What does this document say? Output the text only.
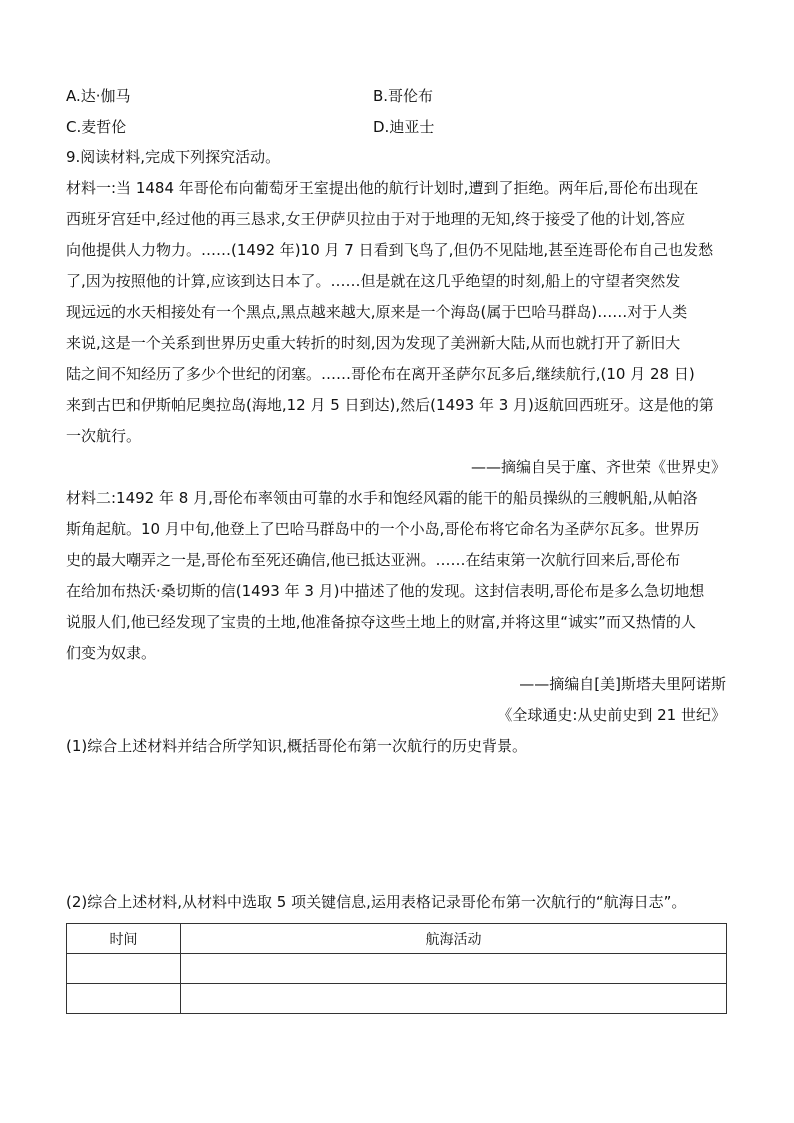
A.达·伽马	B.哥伦布
C.麦哲伦	D.迪亚士
9.阅读材料,完成下列探究活动。
材料一:当 1484 年哥伦布向葡萄牙王室提出他的航行计划时,遭到了拒绝。两年后,哥伦布出现在
西班牙宫廷中,经过他的再三恳求,女王伊萨贝拉由于对于地理的无知,终于接受了他的计划,答应
向他提供人力物力。……(1492 年)10 月 7 日看到飞鸟了,但仍不见陆地,甚至连哥伦布自己也发愁
了,因为按照他的计算,应该到达日本了。……但是就在这几乎绝望的时刻,船上的守望者突然发
现远远的水天相接处有一个黑点,黑点越来越大,原来是一个海岛(属于巴哈马群岛)……对于人类
来说,这是一个关系到世界历史重大转折的时刻,因为发现了美洲新大陆,从而也就打开了新旧大
陆之间不知经历了多少个世纪的闭塞。……哥伦布在离开圣萨尔瓦多后,继续航行,(10 月 28 日)
来到古巴和伊斯帕尼奥拉岛(海地,12 月 5 日到达),然后(1493 年 3 月)返航回西班牙。这是他的第
一次航行。
——摘编自吴于廑、齐世荣《世界史》
材料二:1492 年 8 月,哥伦布率领由可靠的水手和饱经风霜的能干的船员操纵的三艘帆船,从帕洛
斯角起航。10 月中旬,他登上了巴哈马群岛中的一个小岛,哥伦布将它命名为圣萨尔瓦多。世界历
史的最大嘲弄之一是,哥伦布至死还确信,他已抵达亚洲。……在结束第一次航行回来后,哥伦布
在给加布热沃·桑切斯的信(1493 年 3 月)中描述了他的发现。这封信表明,哥伦布是多么急切地想
说服人们,他已经发现了宝贵的土地,他准备掠夺这些土地上的财富,并将这里“诚实”而又热情的人
们变为奴隶。
——摘编自[美]斯塔夫里阿诺斯
《全球通史:从史前史到 21 世纪》
(1)综合上述材料并结合所学知识,概括哥伦布第一次航行的历史背景。
(2)综合上述材料,从材料中选取 5 项关键信息,运用表格记录哥伦布第一次航行的“航海日志”。
时间	航海活动
